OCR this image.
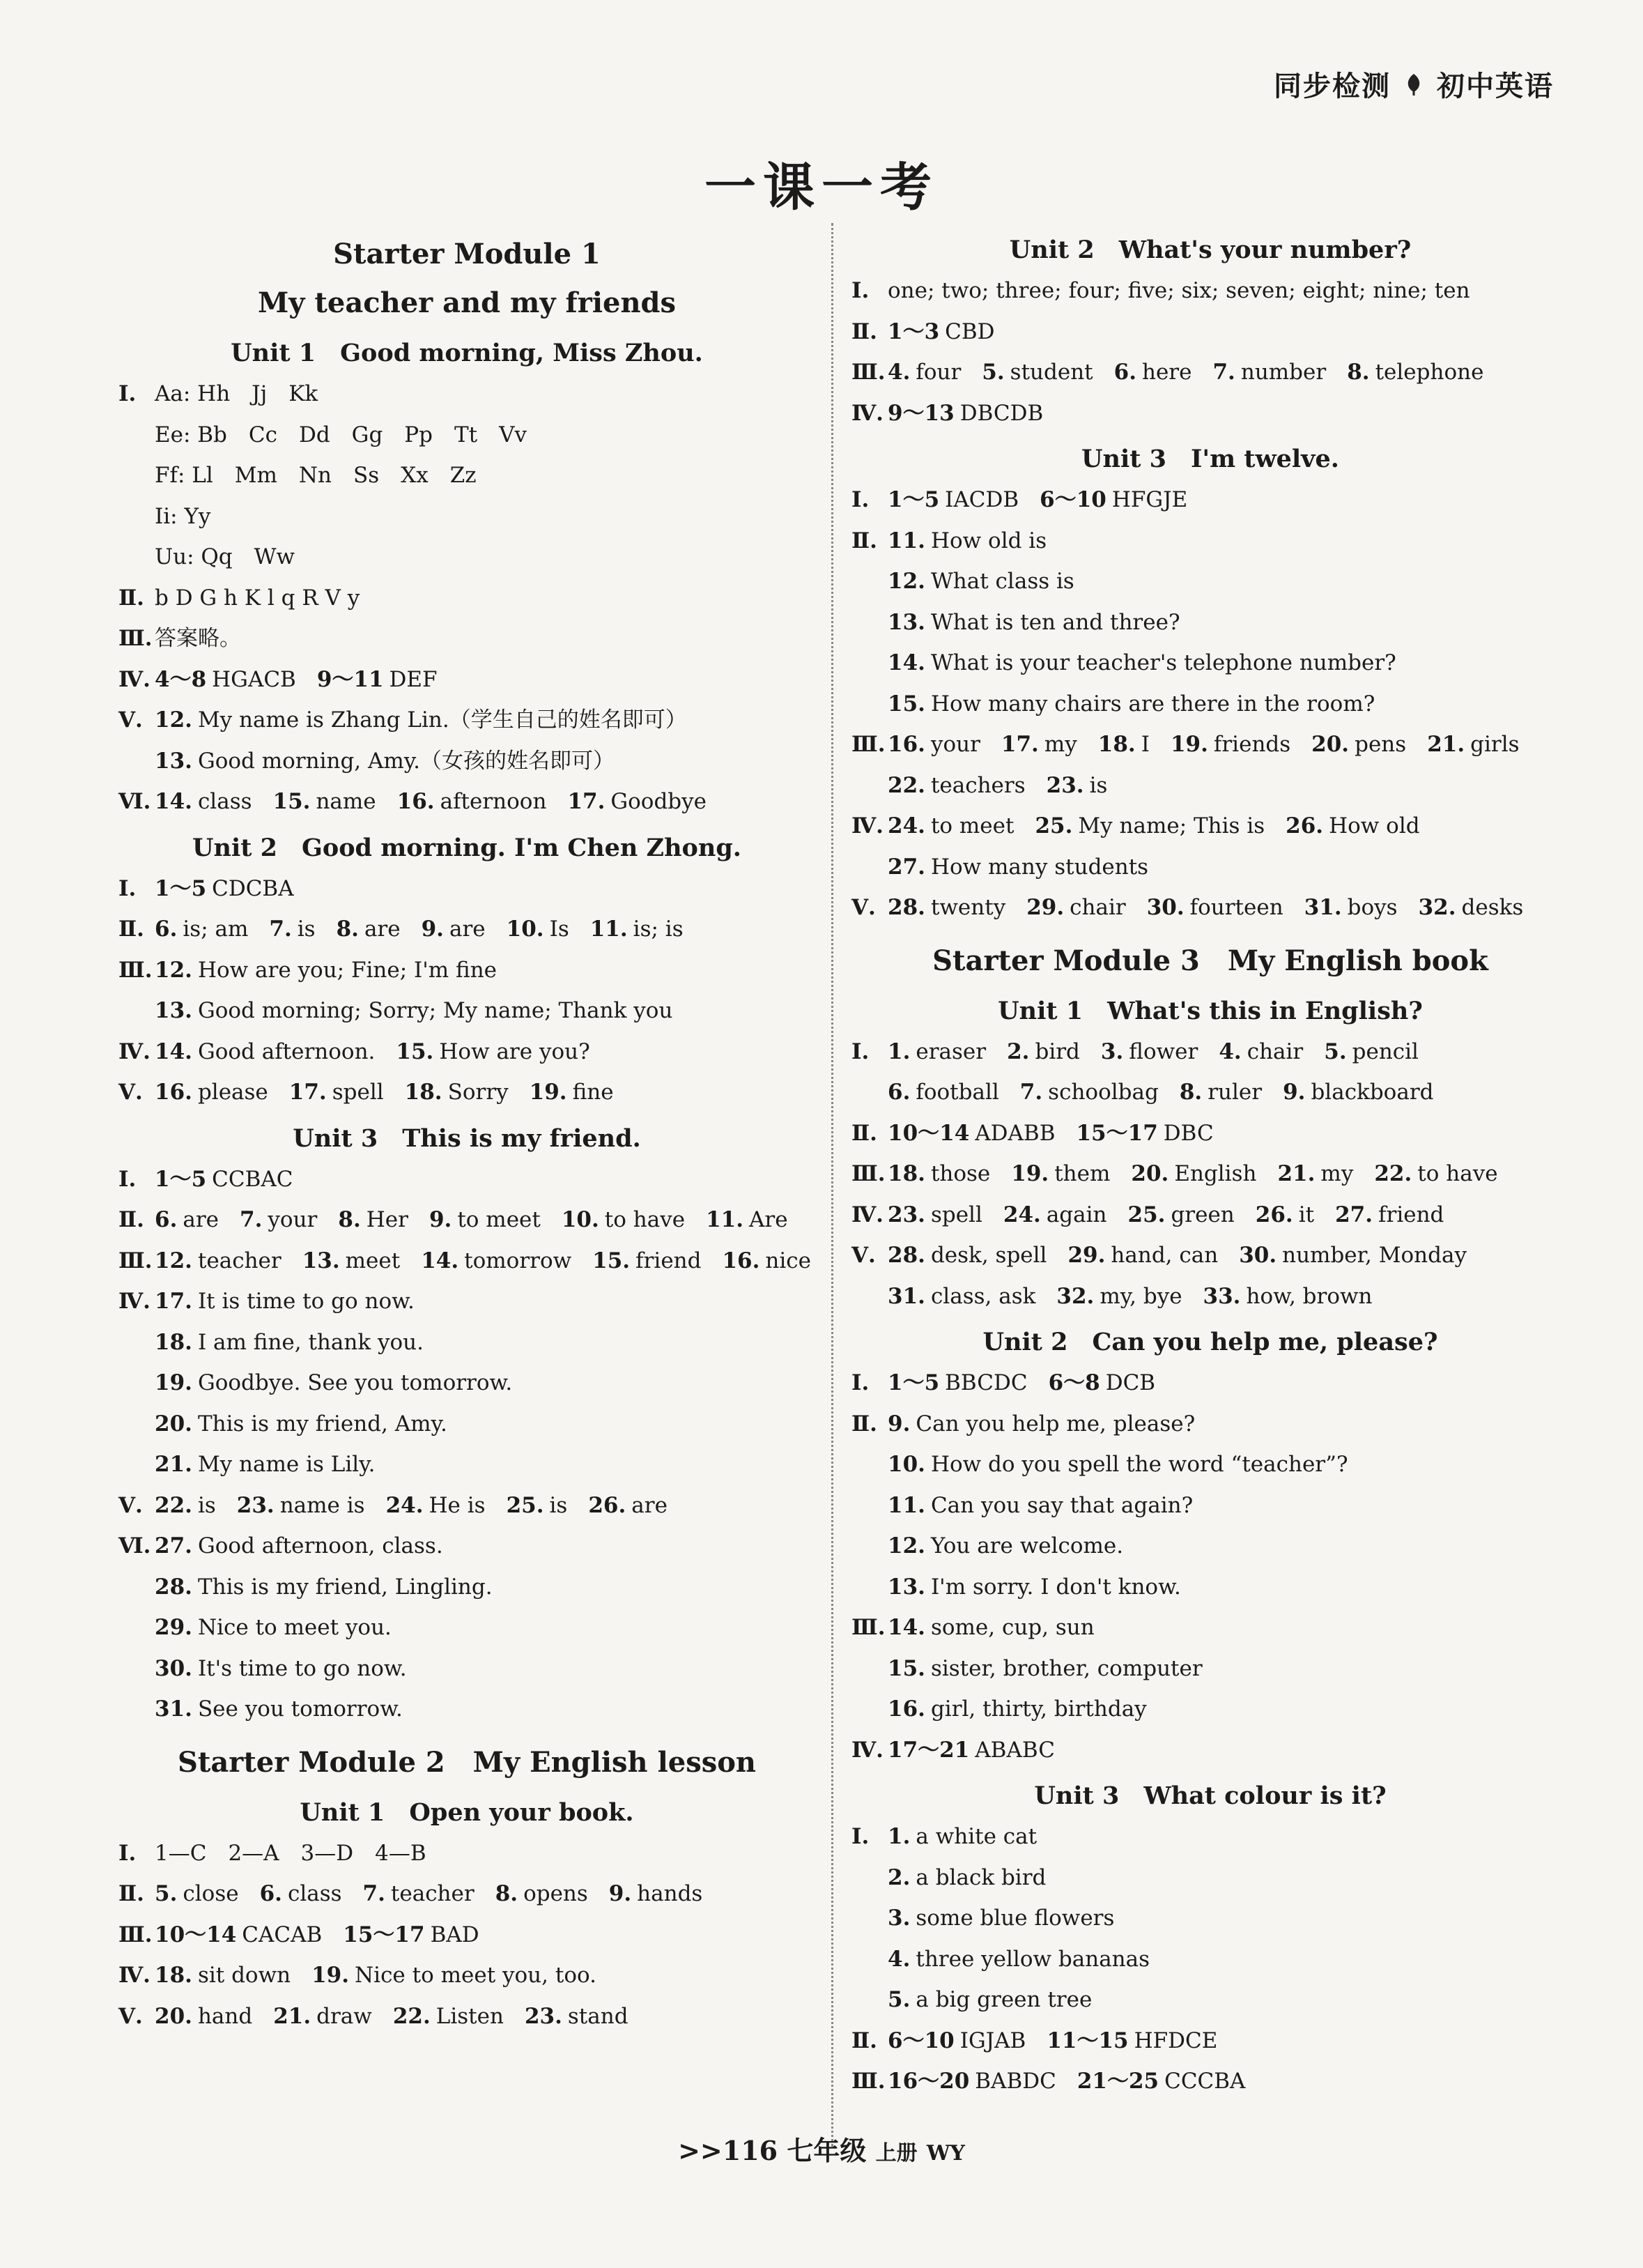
同步检测 初中英语
一课一考
Starter Module 1
My teacher and my friends
Unit 1　Good morning, Miss Zhou.
Ⅰ. Aa: Hh　Jj　Kk
Ee: Bb　Cc　Dd　Gg　Pp　Tt　Vv
Ff: Ll　Mm　Nn　Ss　Xx　Zz
Ii: Yy
Uu: Qq　Ww
Ⅱ. b D G h K l q R V y
Ⅲ. 答案略。
Ⅳ. 4～8 HGACB 9～11 DEF
Ⅴ. 12. My name is Zhang Lin.（学生自己的姓名即可）
13. Good morning, Amy.（女孩的姓名即可）
Ⅵ. 14. class 15. name 16. afternoon 17. Goodbye
Unit 2　Good morning. I'm Chen Zhong.
Ⅰ. 1～5 CDCBA
Ⅱ. 6. is; am 7. is 8. are 9. are 10. Is 11. is; is
Ⅲ. 12. How are you; Fine; I'm fine
13. Good morning; Sorry; My name; Thank you
Ⅳ. 14. Good afternoon. 15. How are you?
Ⅴ. 16. please 17. spell 18. Sorry 19. fine
Unit 3　This is my friend.
Ⅰ. 1～5 CCBAC
Ⅱ. 6. are 7. your 8. Her 9. to meet 10. to have 11. Are
Ⅲ. 12. teacher 13. meet 14. tomorrow 15. friend 16. nice
Ⅳ. 17. It is time to go now.
18. I am fine, thank you.
19. Goodbye. See you tomorrow.
20. This is my friend, Amy.
21. My name is Lily.
Ⅴ. 22. is 23. name is 24. He is 25. is 26. are
Ⅵ. 27. Good afternoon, class.
28. This is my friend, Lingling.
29. Nice to meet you.
30. It's time to go now.
31. See you tomorrow.
Starter Module 2　My English lesson
Unit 1　Open your book.
Ⅰ. 1—C　2—A　3—D　4—B
Ⅱ. 5. close 6. class 7. teacher 8. opens 9. hands
Ⅲ. 10～14 CACAB 15～17 BAD
Ⅳ. 18. sit down 19. Nice to meet you, too.
Ⅴ. 20. hand 21. draw 22. Listen 23. stand
Unit 2　What's your number?
Ⅰ. one; two; three; four; five; six; seven; eight; nine; ten
Ⅱ. 1～3 CBD
Ⅲ. 4. four 5. student 6. here 7. number 8. telephone
Ⅳ. 9～13 DBCDB
Unit 3　I'm twelve.
Ⅰ. 1～5 IACDB 6～10 HFGJE
Ⅱ. 11. How old is
12. What class is
13. What is ten and three?
14. What is your teacher's telephone number?
15. How many chairs are there in the room?
Ⅲ. 16. your 17. my 18. I 19. friends 20. pens 21. girls
22. teachers 23. is
Ⅳ. 24. to meet 25. My name; This is 26. How old
27. How many students
Ⅴ. 28. twenty 29. chair 30. fourteen 31. boys 32. desks
Starter Module 3　My English book
Unit 1　What's this in English?
Ⅰ. 1. eraser 2. bird 3. flower 4. chair 5. pencil
6. football 7. schoolbag 8. ruler 9. blackboard
Ⅱ. 10～14 ADABB 15～17 DBC
Ⅲ. 18. those 19. them 20. English 21. my 22. to have
Ⅳ. 23. spell 24. again 25. green 26. it 27. friend
Ⅴ. 28. desk, spell 29. hand, can 30. number, Monday
31. class, ask 32. my, bye 33. how, brown
Unit 2　Can you help me, please?
Ⅰ. 1～5 BBCDC 6～8 DCB
Ⅱ. 9. Can you help me, please?
10. How do you spell the word “teacher”?
11. Can you say that again?
12. You are welcome.
13. I'm sorry. I don't know.
Ⅲ. 14. some, cup, sun
15. sister, brother, computer
16. girl, thirty, birthday
Ⅳ. 17～21 ABABC
Unit 3　What colour is it?
Ⅰ. 1. a white cat
2. a black bird
3. some blue flowers
4. three yellow bananas
5. a big green tree
Ⅱ. 6～10 IGJAB 11～15 HFDCE
Ⅲ. 16～20 BABDC 21～25 CCCBA
>>116 七年级 上册 WY
